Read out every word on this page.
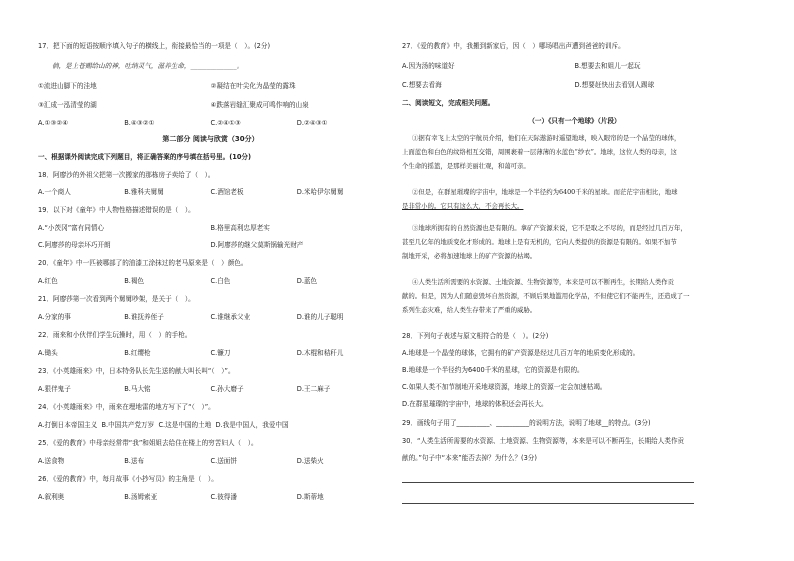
17．把下面的短语按顺序填入句子的横线上，衔接最恰当的一项是（　）。(2分)
倘，是上苍赐给山的神，吐纳灵气，滋养生命，______________。
①流进山脚下的洼地	②凝结在叶尖化为晶莹的露珠
③汇成一泓清莹的湖	④跌落岩缝汇聚成可鸣作响的山泉
A.①③②④	B.④③②①	C.②④①③	D.②④③①
第二部分 阅读与欣赏（30分）
一、根据课外阅读完成下列题目，将正确答案的序号填在括号里。(10分)
18．阿廖沙的外祖父把第一次搬家的那栋房子卖给了（　）。
A.一个商人	B.雅科夫舅舅	C.酒馆老板	D.米哈伊尔舅舅
19．以下对《童年》中人物性格描述错误的是（　）。
A.“小茨冈”富有同情心	B.格里高利忠厚老实
C.阿廖莎的母亲坏巧开朗	D.阿廖莎的继父莫斯锅输光财产
20．《童年》中一匹被哪部了的油漆工涂抹过的老马原来是（　）颜色。
A.红色	B.褐色	C.白色	D.蓝色
21．阿廖莎第一次看到两个舅舅吵架，是关于（　）。
A.分家的事	B.谁抚养侄子	C.谁继承父业	D.谁的儿子聪明
22．雨来和小伙伴们学生玩操时，用（　）的手枪。
A.锄头	B.红缨枪	C.镰刀	D.木棍和秸秆儿
23．《小英雄雨来》中，日本特务队长先生送的献大叫长叫“（　）”。
A.狠伴鬼子	B.马大铭	C.孙大磨子	D.王二麻子
24．《小英雄雨来》中，雨来在埋地雷的地方写下了“（　）”。
A.打倒日本帝国主义 B.中国共产党万岁 C.这是中国的土地 D.我是中国人，我爱中国
25．《爱的教育》中母亲经常带“我”和姐姐去给住在楼上的穷苦妇人（　）。
A.送食物	B.送布	C.送面饼	D.送柴火
26．《爱的教育》中，每月故事《小抄写员》的主角是（　）。
A.叙利奥	B.汤姆索亚	C.彼得潘	D.斯蒂地
27．《爱的教育》中，我搬到新家后，因（　）哪场唱出声遭到爸爸的训斥。
A.因为汤的味道好	B.想要去和姐儿一起玩
C.想要去看海	D.想要赶快出去看别人踢球
二、阅读短文，完成相关问题。
（一）《只有一个地球》（片段）
①据有幸飞上太空的宇航员介绍，他们在天际遨游时遥望地球，映入眼帘的是一个晶莹的球体，
上面蓝色和白色的纹络相互交错，周围裹着一层薄薄的水蓝色“纱衣”。地球，这位人类的母亲，这
个生命的摇篮，是那样美丽壮观，和蔼可亲。
②但是，在群星璀璨的宇宙中，地球是一个半径约为6400千米的星球。而茫茫宇宙相比，地球
是非常小的。它只有这么大，不会再长大。
③地球所拥有的自然资源也是有限的。拿矿产资源来说，它不是取之不尽的，而是经过几百万年，
甚至几亿年的地质变化才形成的。地球上是有无机的，它向人类提供的资源是有限的。如果不加节
制地开采，必将加速地球上的矿产资源的枯竭。
④人类生活所需要的水资源、土地资源、生物资源等，本来是可以不断再生，长期给人类作贡
献的。但是，因为人们随意毁坏自然资源，不顾后果地滥用化学品，不但使它们不能再生，还造成了一
系列生态灾难，给人类生存带来了严重的威胁。
28．下列句子表述与原文相符合的是（　）。(2分)
A.地球是一个晶莹的球体，它拥有的矿产资源是经过几百万年的地质变化形成的。
B.地球是一个半径约为6400千米的星球，它的资源是有限的。
C.如果人类不加节制地开采地球资源，地球上的资源一定会加速枯竭。
D.在群星璀璨的宇宙中，地球的体积还会再长大。
29．画线句子用了__________、__________的说明方法，说明了地球__的特点。(3分)
30．“人类生活所需要的水资源、土地资源、生物资源等，本来是可以不断再生，长期给人类作贡
献的。”句子中“本来”能否去掉？为什么？(3分)
